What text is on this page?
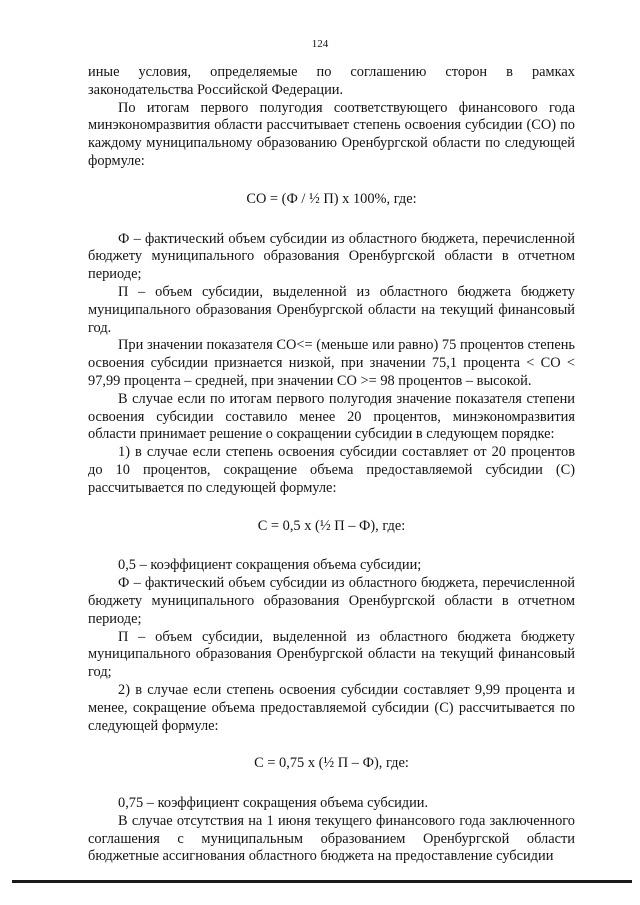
124

иные условия, определяемые по соглашению сторон в рамках законодательства Российской Федерации.

По итогам первого полугодия соответствующего финансового года минэкономразвития области рассчитывает степень освоения субсидии (СО) по каждому муниципальному образованию Оренбургской области по следующей формуле:

СО = (Ф / ½ П) х 100%, где:

Ф – фактический объем субсидии из областного бюджета, перечисленной бюджету муниципального образования Оренбургской области в отчетном периоде;

П – объем субсидии, выделенной из областного бюджета бюджету муниципального образования Оренбургской области на текущий финансовый год.

При значении показателя СО<= (меньше или равно) 75 процентов степень освоения субсидии признается низкой, при значении 75,1 процента < СО < 97,99 процента – средней, при значении СО >= 98 процентов – высокой.

В случае если по итогам первого полугодия значение показателя степени освоения субсидии составило менее 20 процентов, минэкономразвития области принимает решение о сокращении субсидии в следующем порядке:

1) в случае если степень освоения субсидии составляет от 20 процентов до 10 процентов, сокращение объема предоставляемой субсидии (С) рассчитывается по следующей формуле:

С = 0,5 х (½ П – Ф), где:

0,5 – коэффициент сокращения объема субсидии;

Ф – фактический объем субсидии из областного бюджета, перечисленной бюджету муниципального образования Оренбургской области в отчетном периоде;

П – объем субсидии, выделенной из областного бюджета бюджету муниципального образования Оренбургской области на текущий финансовый год;

2) в случае если степень освоения субсидии составляет 9,99 процента и менее, сокращение объема предоставляемой субсидии (С) рассчитывается по следующей формуле:

С = 0,75 х (½ П – Ф), где:

0,75 – коэффициент сокращения объема субсидии.

В случае отсутствия на 1 июня текущего финансового года заключенного соглашения с муниципальным образованием Оренбургской области бюджетные ассигнования областного бюджета на предоставление субсидии
